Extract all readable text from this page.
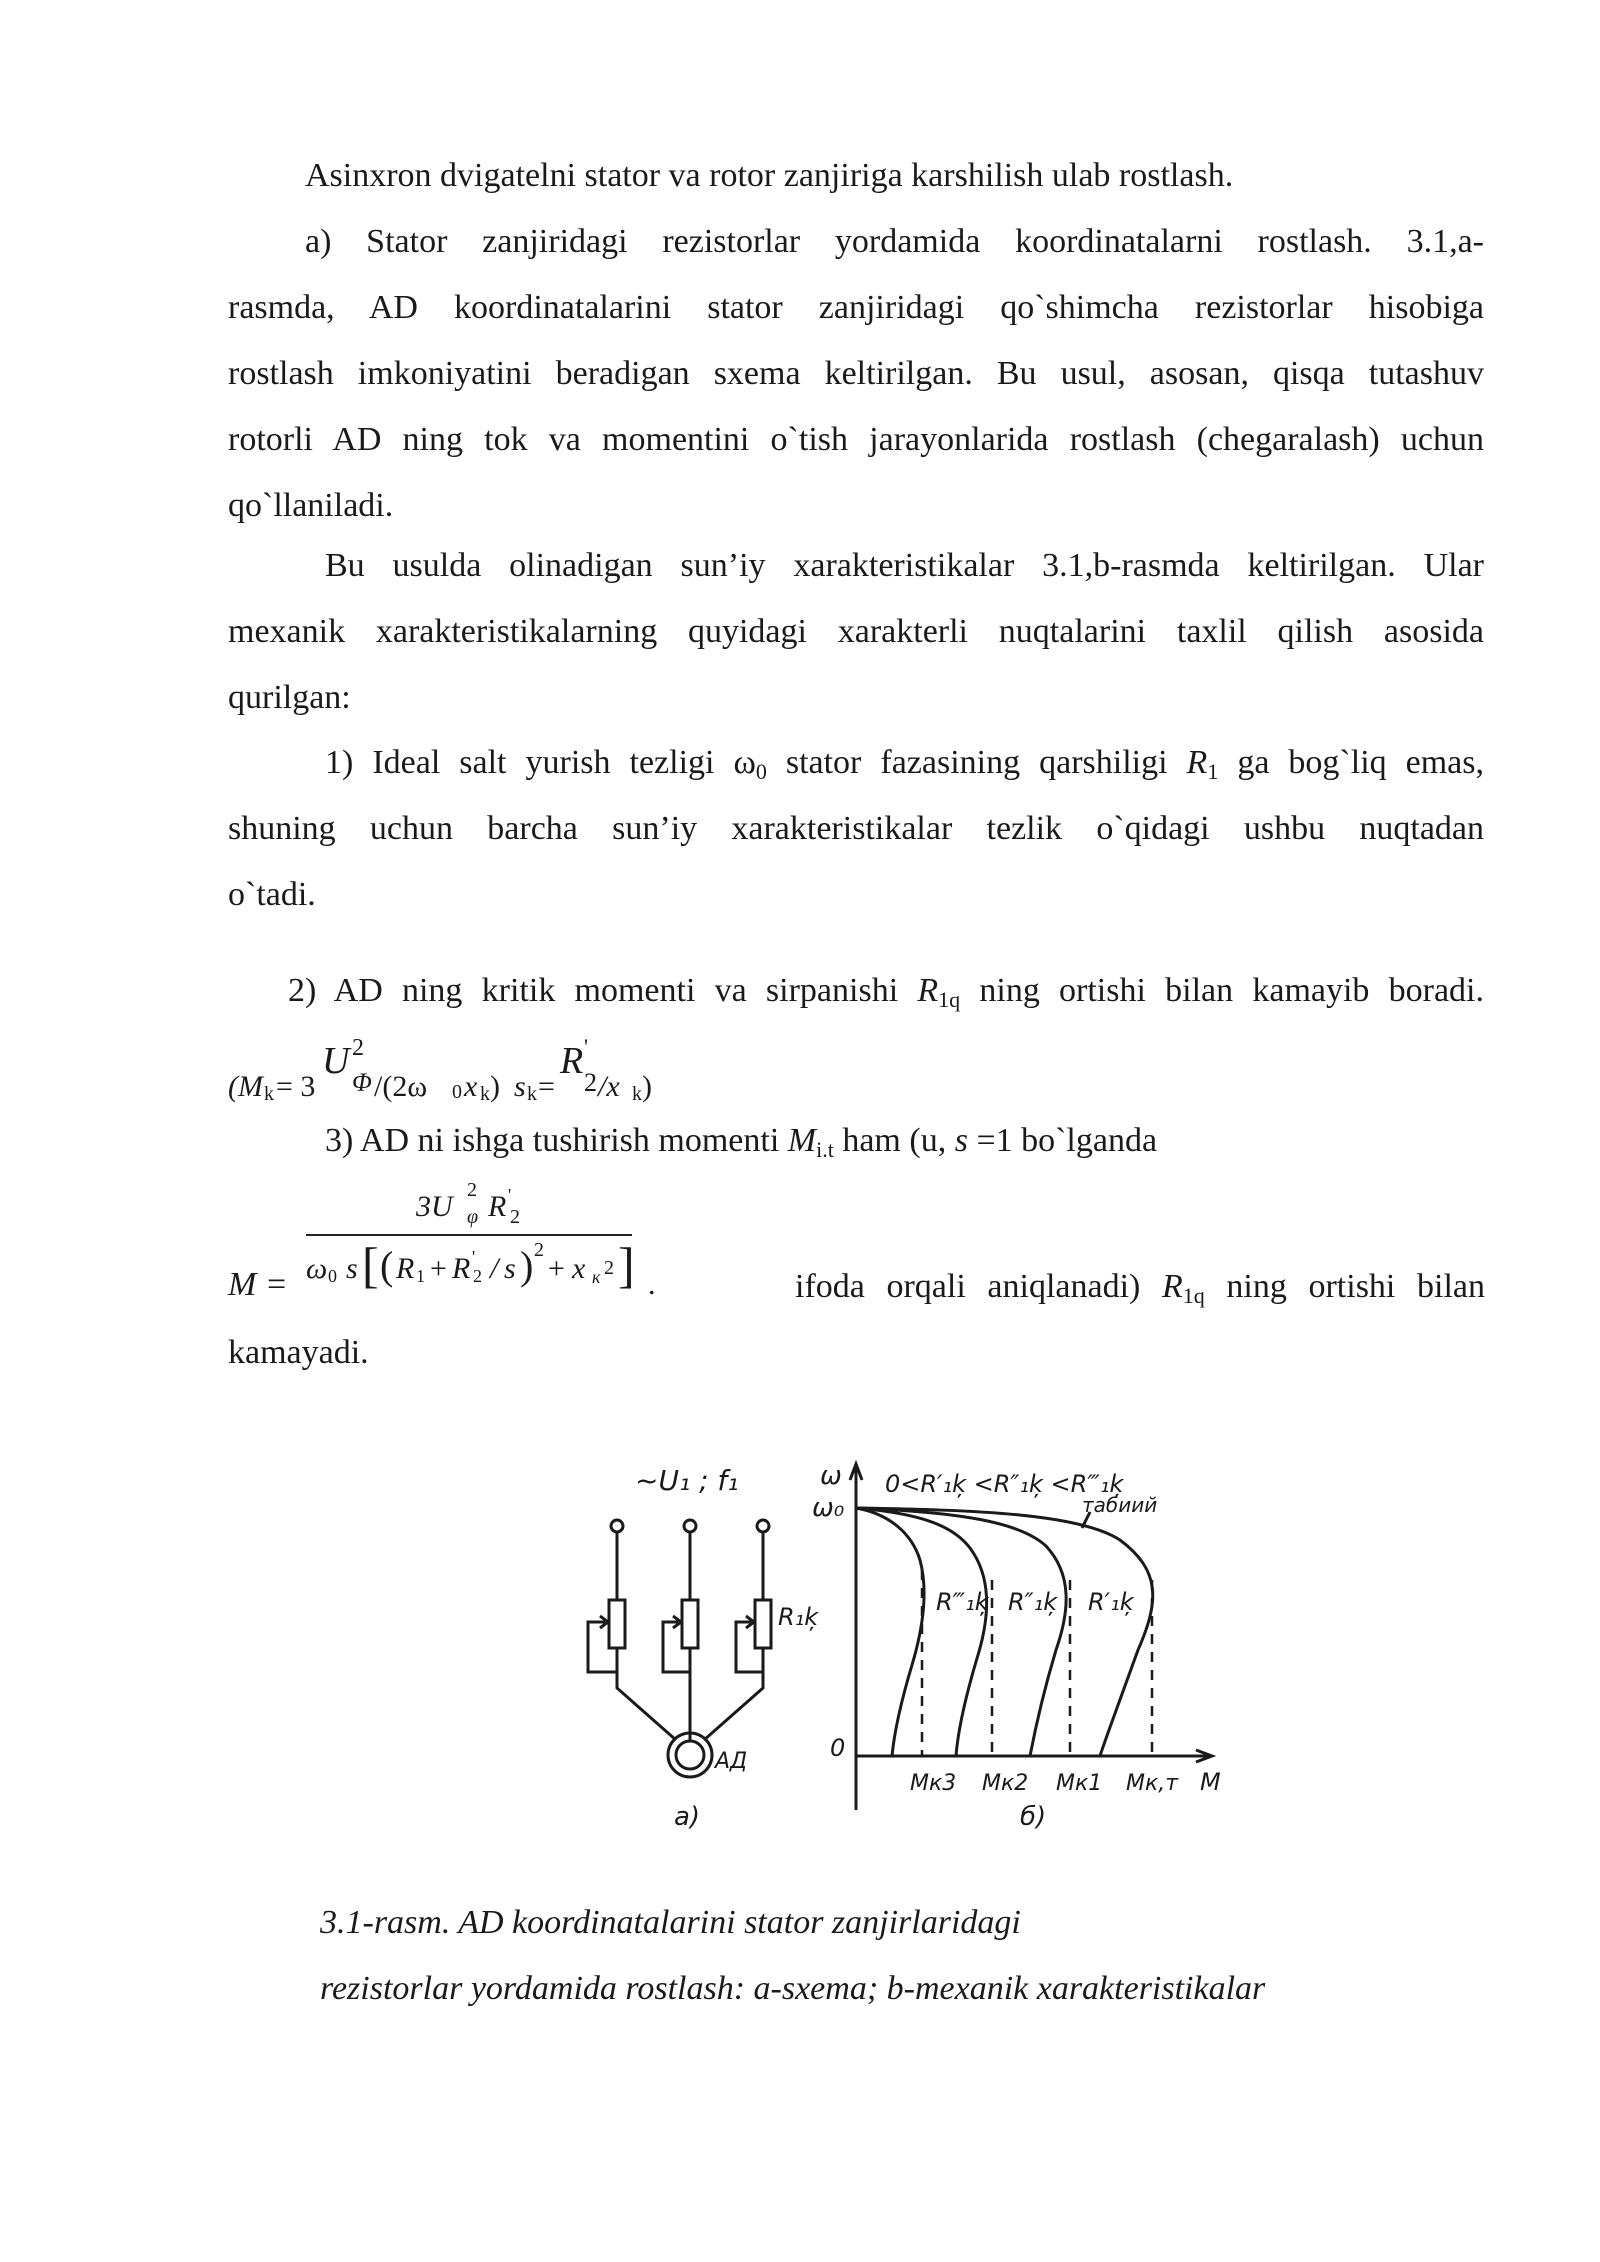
Asinxron dvigatelni stator va rotor zanjiriga karshilish ulab rostlash.
a) Stator zanjiridagi rezistorlar yordamida koordinatalarni rostlash. 3.1,a-
rasmda, AD koordinatalarini stator zanjiridagi qo`shimcha rezistorlar hisobiga
rostlash imkoniyatini beradigan sxema keltirilgan. Bu usul, asosan, qisqa tutashuv
rotorli AD ning tok va momentini o`tish jarayonlarida rostlash (chegaralash) uchun
qo`llaniladi.
Bu usulda olinadigan sun’iy xarakteristikalar 3.1,b-rasmda keltirilgan. Ular
mexanik xarakteristikalarning quyidagi xarakterli nuqtalarini taxlil qilish asosida
qurilgan:
1) Ideal salt yurish tezligi $\omega_0$ stator fazasining qarshiligi $R_1$ ga bog`liq emas,
shuning uchun barcha sun’iy xarakteristikalar tezlik o`qidagi ushbu nuqtadan
o`tadi.
2) AD ning kritik momenti va sirpanishi $R_{1q}$ ning ortishi bilan kamayib boradi.
(M k = 3
U 2
Φ /(2ω 0 x k ) s k =
R '
2 /x k )
3) AD ni ishga tushirish momenti $M_{i.t}$ ham (u, s =1 bo`lganda
M =
3U 2
φ R '
2
ω 0 s [ ( R 1 + R '
2 / s ) 2
+ x к 2 ] .	ifoda orqali aniqlanadi) $R_{1q}$ ning ortishi bilan
kamayadi.
~U₁ ; f₁
R₁ķ
АД
a)
ω
ω₀
0
0<R′₁ķ <R″₁ķ <R‴₁ķ
табиий
R‴₁ķ R″₁ķ R′₁ķ
Mк3 Mк2 Mк1 Mк,т M
б)
3.1-rasm. AD koordinatalarini stator zanjirlaridagi
rezistorlar yordamida rostlash: a-sxema; b-mexanik xarakteristikalar
